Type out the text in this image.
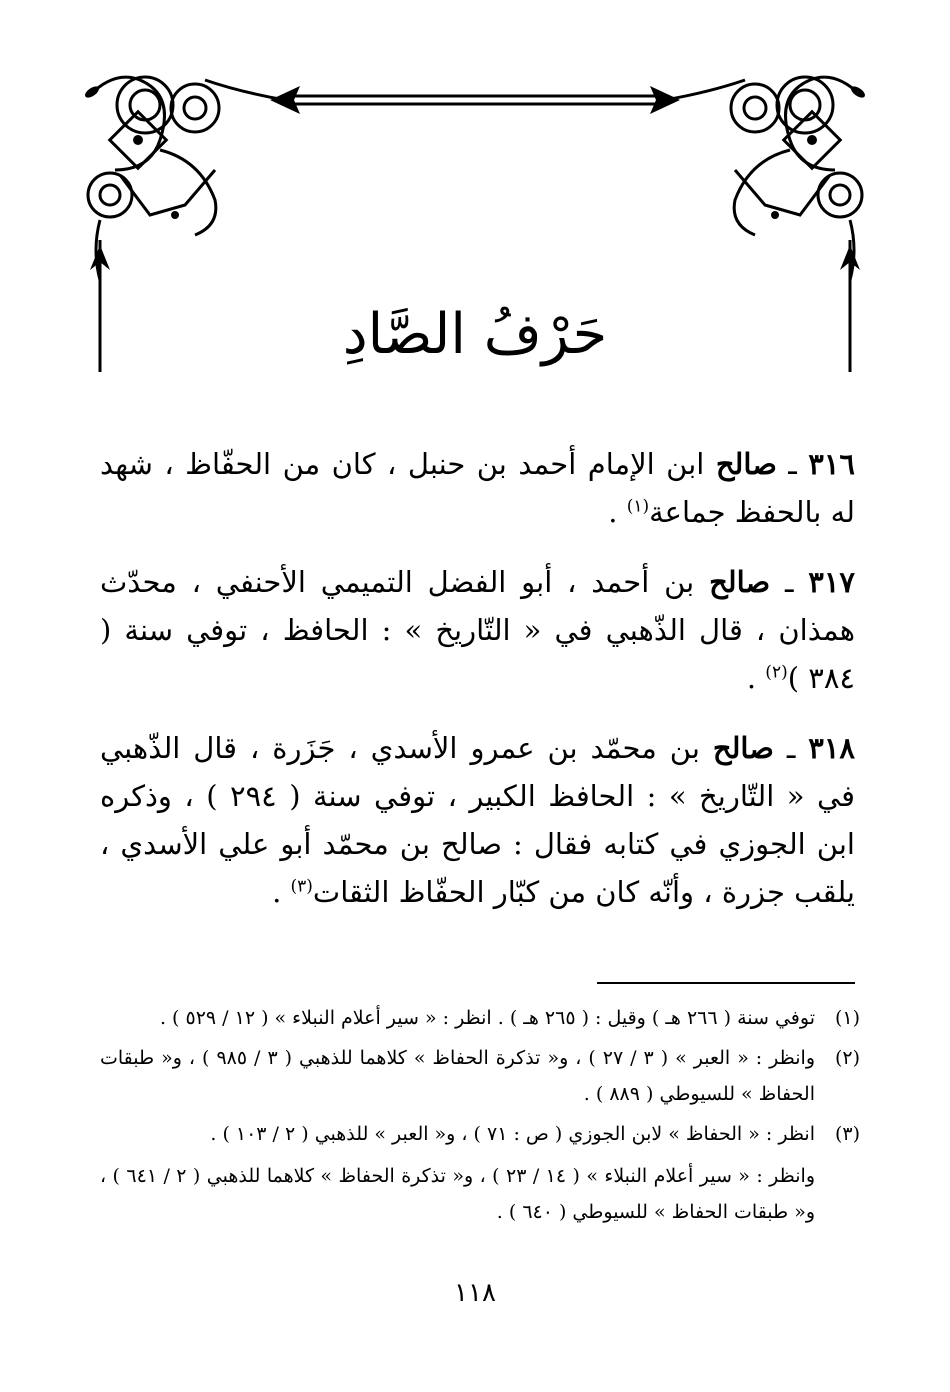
حَرْفُ الصَّادِ

٣١٦ ـ صالح ابن الإمام أحمد بن حنبل ، كان من الحفّاظ ، شهد له بالحفظ جماعة$^{(١)}$ .

٣١٧ ـ صالح بن أحمد ، أبو الفضل التميمي الأحنفي ، محدّث همذان ، قال الذّهبي في « التّاريخ » : الحافظ ، توفي سنة ( ٣٨٤ )$^{(٢)}$ .

٣١٨ ـ صالح بن محمّد بن عمرو الأسدي ، جَزَرة ، قال الذّهبي في « التّاريخ » : الحافظ الكبير ، توفي سنة ( ٢٩٤ ) ، وذكره ابن الجوزي في كتابه فقال : صالح بن محمّد أبو علي الأسدي ، يلقب جزرة ، وأنّه كان من كبّار الحفّاظ الثقات$^{(٣)}$ .

(١)
توفي سنة ( ٢٦٦ هـ ) وقيل : ( ٢٦٥ هـ ) . انظر : « سير أعلام النبلاء » ( ١٢ / ٥٢٩ ) .
(٢)
وانظر : « العبر » ( ٣ / ٢٧ ) ، و« تذكرة الحفاظ » كلاهما للذهبي ( ٣ / ٩٨٥ ) ، و« طبقات الحفاظ » للسيوطي ( ٨٨٩ ) .
(٣)
انظر : « الحفاظ » لابن الجوزي ( ص : ٧١ ) ، و« العبر » للذهبي ( ٢ / ١٠٣ ) .
وانظر : « سير أعلام النبلاء » ( ١٤ / ٢٣ ) ، و« تذكرة الحفاظ » كلاهما للذهبي ( ٢ / ٦٤١ ) ، و« طبقات الحفاظ » للسيوطي ( ٦٤٠ ) .
١١٨
